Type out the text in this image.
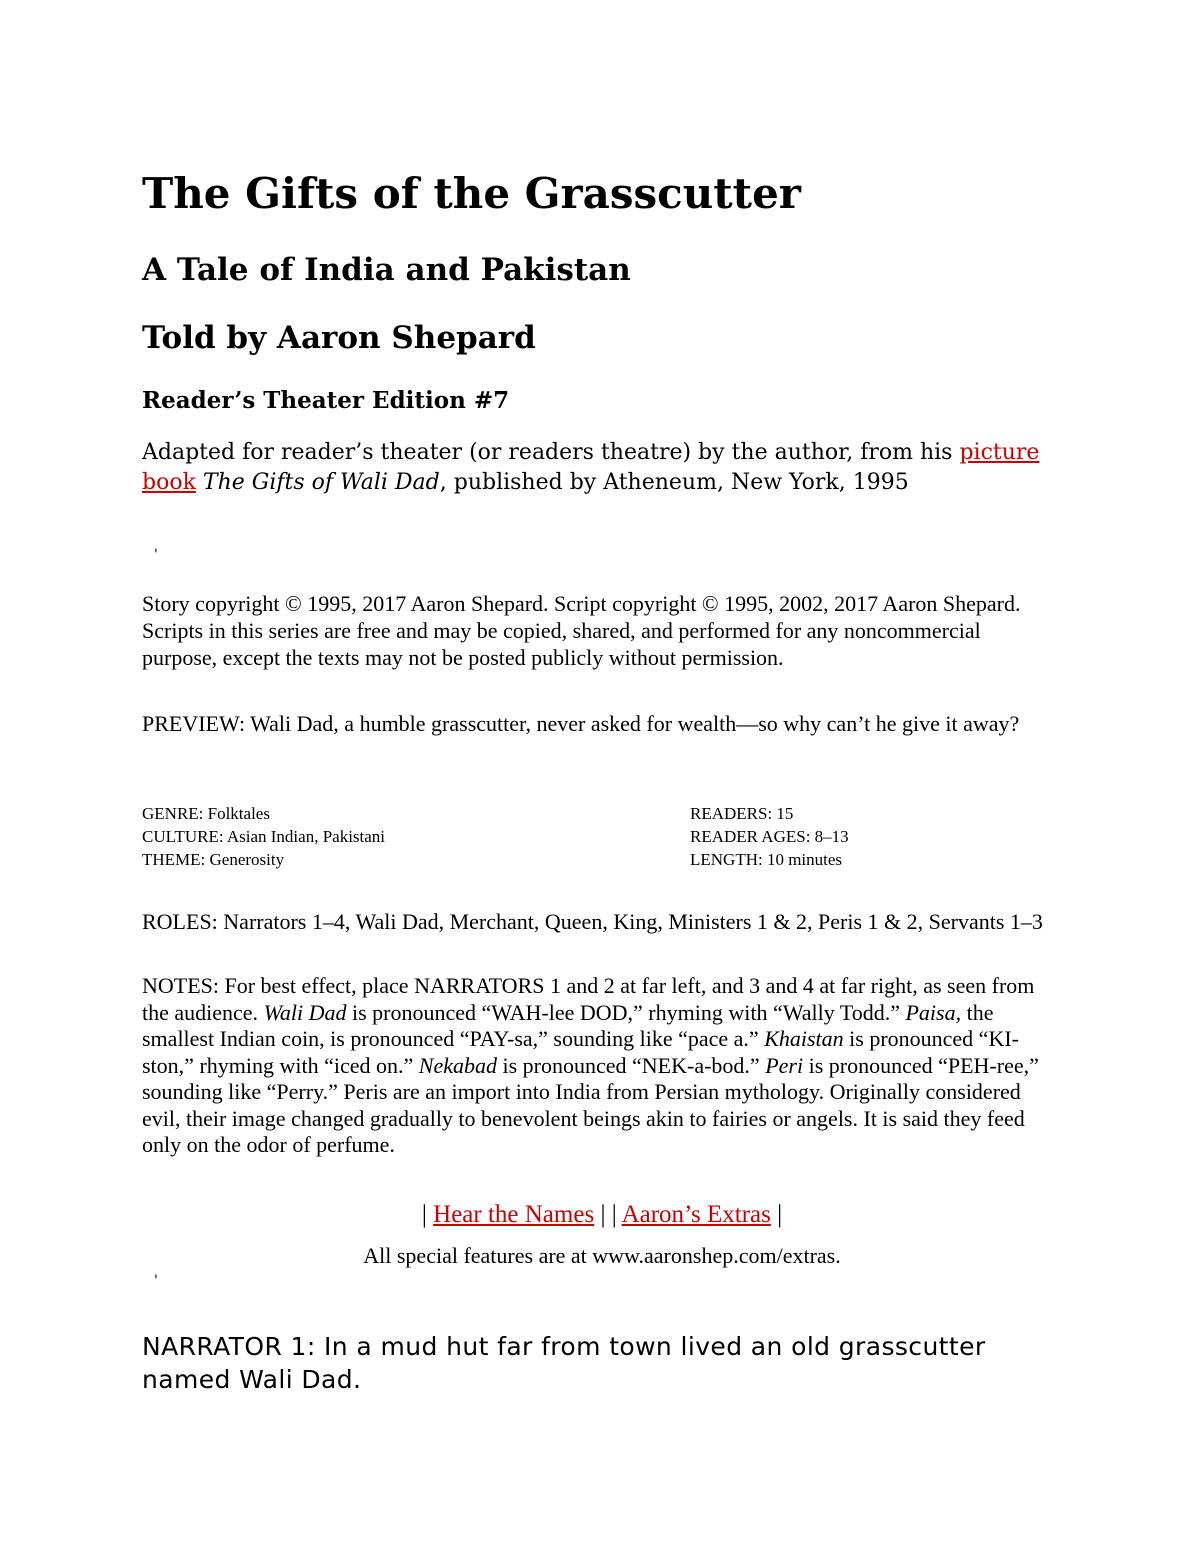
The Gifts of the Grasscutter
A Tale of India and Pakistan
Told by Aaron Shepard
Reader’s Theater Edition #7

Adapted for reader’s theater (or readers theatre) by the author, from his picture book The Gifts of Wali Dad, published by Atheneum, New York, 1995

'

Story copyright © 1995, 2017 Aaron Shepard. Script copyright © 1995, 2002, 2017 Aaron Shepard. Scripts in this series are free and may be copied, shared, and performed for any noncommercial purpose, except the texts may not be posted publicly without permission.

PREVIEW: Wali Dad, a humble grasscutter, never asked for wealth—so why can’t he give it away?

GENRE: Folktales
CULTURE: Asian Indian, Pakistani
THEME: Generosity
READERS: 15
READER AGES: 8–13
LENGTH: 10 minutes

ROLES: Narrators 1–4, Wali Dad, Merchant, Queen, King, Ministers 1 & 2, Peris 1 & 2, Servants 1–3

NOTES: For best effect, place NARRATORS 1 and 2 at far left, and 3 and 4 at far right, as seen from the audience. Wali Dad is pronounced “WAH-lee DOD,” rhyming with “Wally Todd.” Paisa, the smallest Indian coin, is pronounced “PAY-sa,” sounding like “pace a.” Khaistan is pronounced “KI-ston,” rhyming with “iced on.” Nekabad is pronounced “NEK-a-bod.” Peri is pronounced “PEH-ree,” sounding like “Perry.” Peris are an import into India from Persian mythology. Originally considered evil, their image changed gradually to benevolent beings akin to fairies or angels. It is said they feed only on the odor of perfume.

| Hear the Names | | Aaron’s Extras |

All special features are at www.aaronshep.com/extras.

'

NARRATOR 1: In a mud hut far from town lived an old grasscutter named Wali Dad.
